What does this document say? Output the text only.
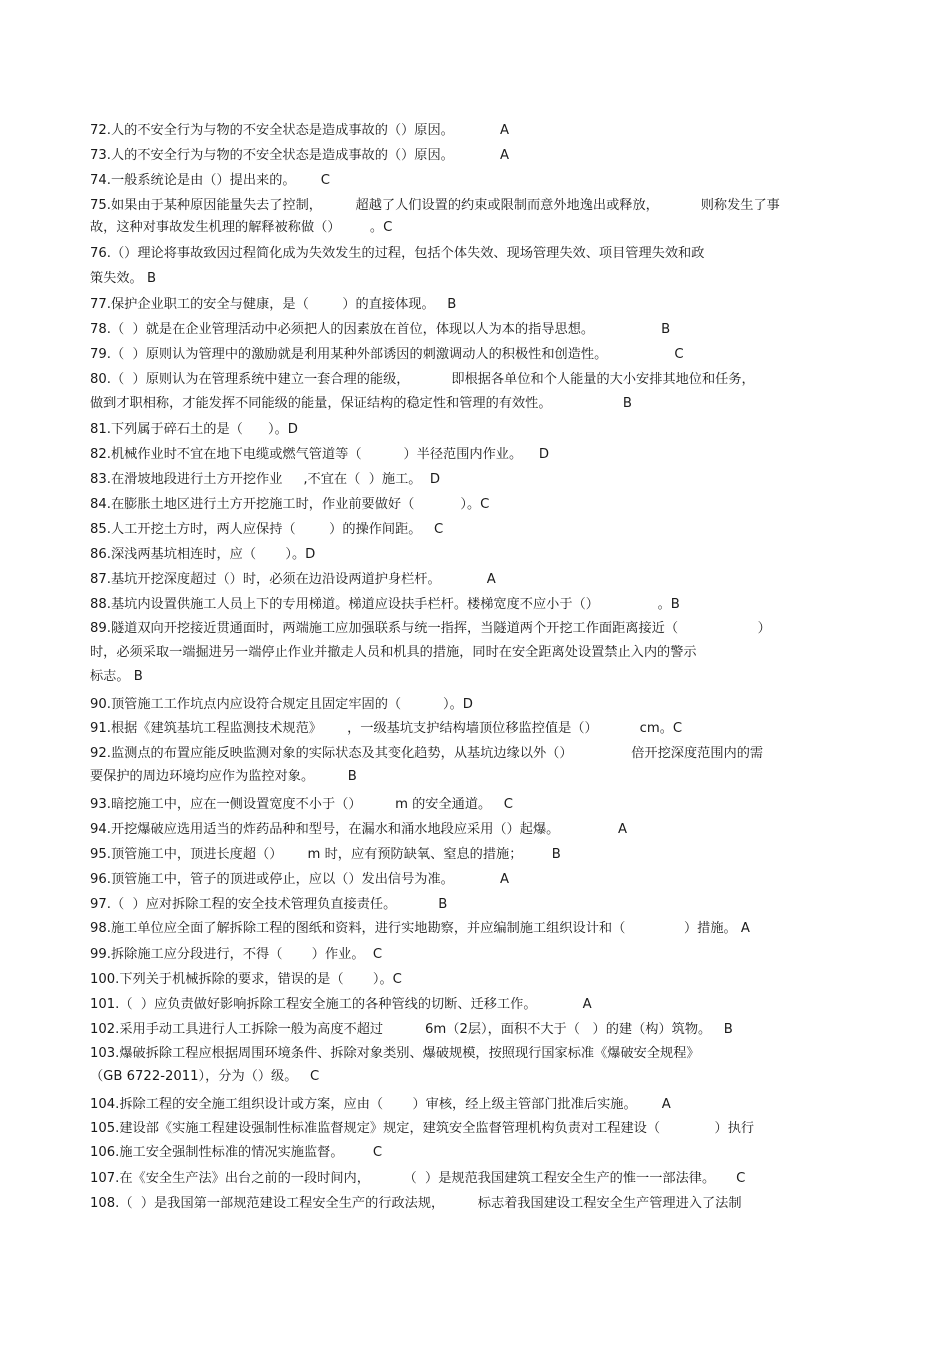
72.人的不安全行为与物的不安全状态是造成事故的（）原因。           A
73.人的不安全行为与物的不安全状态是造成事故的（）原因。           A
74.一般系统论是由（）提出来的。      C
75.如果由于某种原因能量失去了控制，        超越了人们设置的约束或限制而意外地逸出或释放，          则称发生了事
故，这种对事故发生机理的解释被称做（）       。C
76.（）理论将事故致因过程简化成为失效发生的过程，包括个体失效、现场管理失效、项目管理失效和政
策失效。 B
77.保护企业职工的安全与健康，是（        ）的直接体现。   B
78.（  ）就是在企业管理活动中必须把人的因素放在首位，体现以人为本的指导思想。                B
79.（  ）原则认为管理中的激励就是利用某种外部诱因的刺激调动人的积极性和创造性。                C
80.（  ）原则认为在管理系统中建立一套合理的能级，          即根据各单位和个人能量的大小安排其地位和任务，
做到才职相称，才能发挥不同能级的能量，保证结构的稳定性和管理的有效性。                 B
81.下列属于碎石土的是（      ）。D
82.机械作业时不宜在地下电缆或燃气管道等（          ）半径范围内作业。    D
83.在滑坡地段进行土方开挖作业     ,不宜在（  ）施工。  D
84.在膨胀土地区进行土方开挖施工时，作业前要做好（           ）。C
85.人工开挖土方时，两人应保持（        ）的操作间距。   C
86.深浅两基坑相连时，应（       ）。D
87.基坑开挖深度超过（）时，必须在边沿设两道护身栏杆。           A
88.基坑内设置供施工人员上下的专用梯道。梯道应设扶手栏杆。楼梯宽度不应小于（）              。B
89.隧道双向开挖接近贯通面时，两端施工应加强联系与统一指挥，当隧道两个开挖工作面距离接近（                   ）
时，必须采取一端掘进另一端停止作业并撤走人员和机具的措施，同时在安全距离处设置禁止入内的警示
标志。 B
90.顶管施工工作坑点内应设符合规定且固定牢固的（          ）。D
91.根据《建筑基坑工程监测技术规范》      ，一级基坑支护结构墙顶位移监控值是（）          cm。C
92.监测点的布置应能反映监测对象的实际状态及其变化趋势，从基坑边缘以外（）              倍开挖深度范围内的需
要保护的周边环境均应作为监控对象。        B
93.暗挖施工中，应在一侧设置宽度不小于（）        m 的安全通道。   C
94.开挖爆破应选用适当的炸药品种和型号，在漏水和涌水地段应采用（）起爆。              A
95.顶管施工中，顶进长度超（）      m 时，应有预防缺氧、窒息的措施；       B
96.顶管施工中，管子的顶进或停止，应以（）发出信号为准。           A
97.（  ）应对拆除工程的安全技术管理负直接责任。          B
98.施工单位应全面了解拆除工程的图纸和资料，进行实地勘察，并应编制施工组织设计和（              ）措施。 A
99.拆除施工应分段进行，不得（       ）作业。  C
100.下列关于机械拆除的要求，错误的是（       ）。C
101.（  ）应负责做好影响拆除工程安全施工的各种管线的切断、迁移工作。           A
102.采用手动工具进行人工拆除一般为高度不超过          6m（2层），面积不大于（   ）的建（构）筑物。   B
103.爆破拆除工程应根据周围环境条件、拆除对象类别、爆破规模，按照现行国家标准《爆破安全规程》
（GB 6722-2011），分为（）级。   C
104.拆除工程的安全施工组织设计或方案，应由（       ）审核，经上级主管部门批准后实施。      A
105.建设部《实施工程建设强制性标准监督规定》规定，建筑安全监督管理机构负责对工程建设（             ）执行
106.施工安全强制性标准的情况实施监督。       C
107.在《安全生产法》出台之前的一段时间内，        （  ）是规范我国建筑工程安全生产的惟一一部法律。     C
108.（  ）是我国第一部规范建设工程安全生产的行政法规，        标志着我国建设工程安全生产管理进入了法制
